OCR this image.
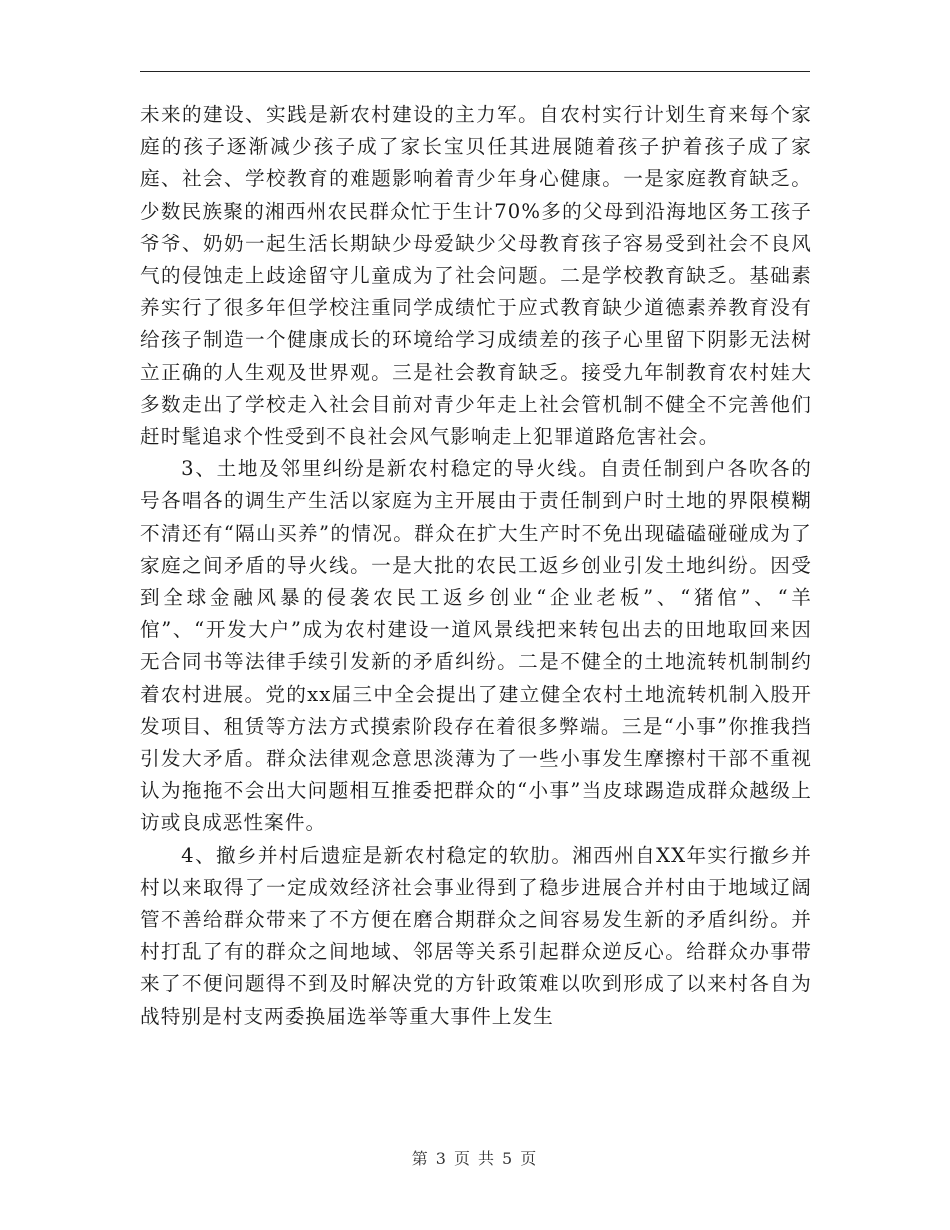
未来的建设、实践是新农村建设的主力军。自农村实行计划生育来每个家庭的孩子逐渐减少孩子成了家长宝贝任其进展随着孩子护着孩子成了家庭、社会、学校教育的难题影响着青少年身心健康。一是家庭教育缺乏。少数民族聚的湘西州农民群众忙于生计70%多的父母到沿海地区务工孩子爷爷、奶奶一起生活长期缺少母爱缺少父母教育孩子容易受到社会不良风气的侵蚀走上歧途留守儿童成为了社会问题。二是学校教育缺乏。基础素养实行了很多年但学校注重同学成绩忙于应式教育缺少道德素养教育没有给孩子制造一个健康成长的环境给学习成绩差的孩子心里留下阴影无法树立正确的人生观及世界观。三是社会教育缺乏。接受九年制教育农村娃大多数走出了学校走入社会目前对青少年走上社会管机制不健全不完善他们赶时髦追求个性受到不良社会风气影响走上犯罪道路危害社会。

3、土地及邻里纠纷是新农村稳定的导火线。自责任制到户各吹各的号各唱各的调生产生活以家庭为主开展由于责任制到户时土地的界限模糊不清还有“隔山买养”的情况。群众在扩大生产时不免出现磕磕碰碰成为了家庭之间矛盾的导火线。一是大批的农民工返乡创业引发土地纠纷。因受到全球金融风暴的侵袭农民工返乡创业“企业老板”、“猪倌”、“羊倌”、“开发大户”成为农村建设一道风景线把来转包出去的田地取回来因无合同书等法律手续引发新的矛盾纠纷。二是不健全的土地流转机制制约着农村进展。党的xx届三中全会提出了建立健全农村土地流转机制入股开发项目、租赁等方法方式摸索阶段存在着很多弊端。三是“小事”你推我挡引发大矛盾。群众法律观念意思淡薄为了一些小事发生摩擦村干部不重视认为拖拖不会出大问题相互推委把群众的“小事”当皮球踢造成群众越级上访或良成恶性案件。

4、撤乡并村后遗症是新农村稳定的软肋。湘西州自XX年实行撤乡并村以来取得了一定成效经济社会事业得到了稳步进展合并村由于地域辽阔管不善给群众带来了不方便在磨合期群众之间容易发生新的矛盾纠纷。并村打乱了有的群众之间地域、邻居等关系引起群众逆反心。给群众办事带来了不便问题得不到及时解决党的方针政策难以吹到形成了以来村各自为战特别是村支两委换届选举等重大事件上发生

第 3 页 共 5 页
